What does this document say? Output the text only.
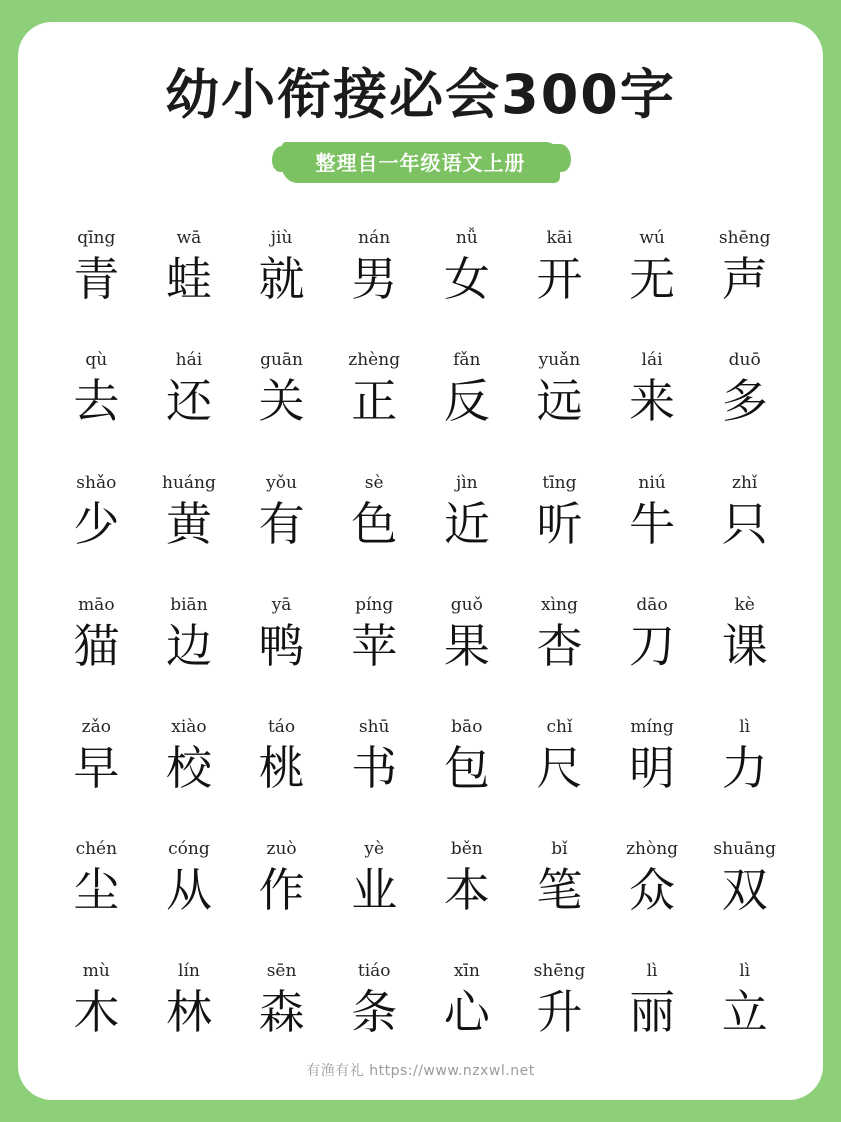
幼小衔接必会300字
整理自一年级语文上册
qīng
青
wā
蛙
jiù
就
nán
男
nǚ
女
kāi
开
wú
无
shēng
声
qù
去
hái
还
guān
关
zhèng
正
fǎn
反
yuǎn
远
lái
来
duō
多
shǎo
少
huáng
黄
yǒu
有
sè
色
jìn
近
tīng
听
niú
牛
zhǐ
只
māo
猫
biān
边
yā
鸭
píng
苹
guǒ
果
xìng
杏
dāo
刀
kè
课
zǎo
早
xiào
校
táo
桃
shū
书
bāo
包
chǐ
尺
míng
明
lì
力
chén
尘
cóng
从
zuò
作
yè
业
běn
本
bǐ
笔
zhòng
众
shuāng
双
mù
木
lín
林
sēn
森
tiáo
条
xīn
心
shēng
升
lì
丽
lì
立
有渔有礼 https://www.nzxwl.net
